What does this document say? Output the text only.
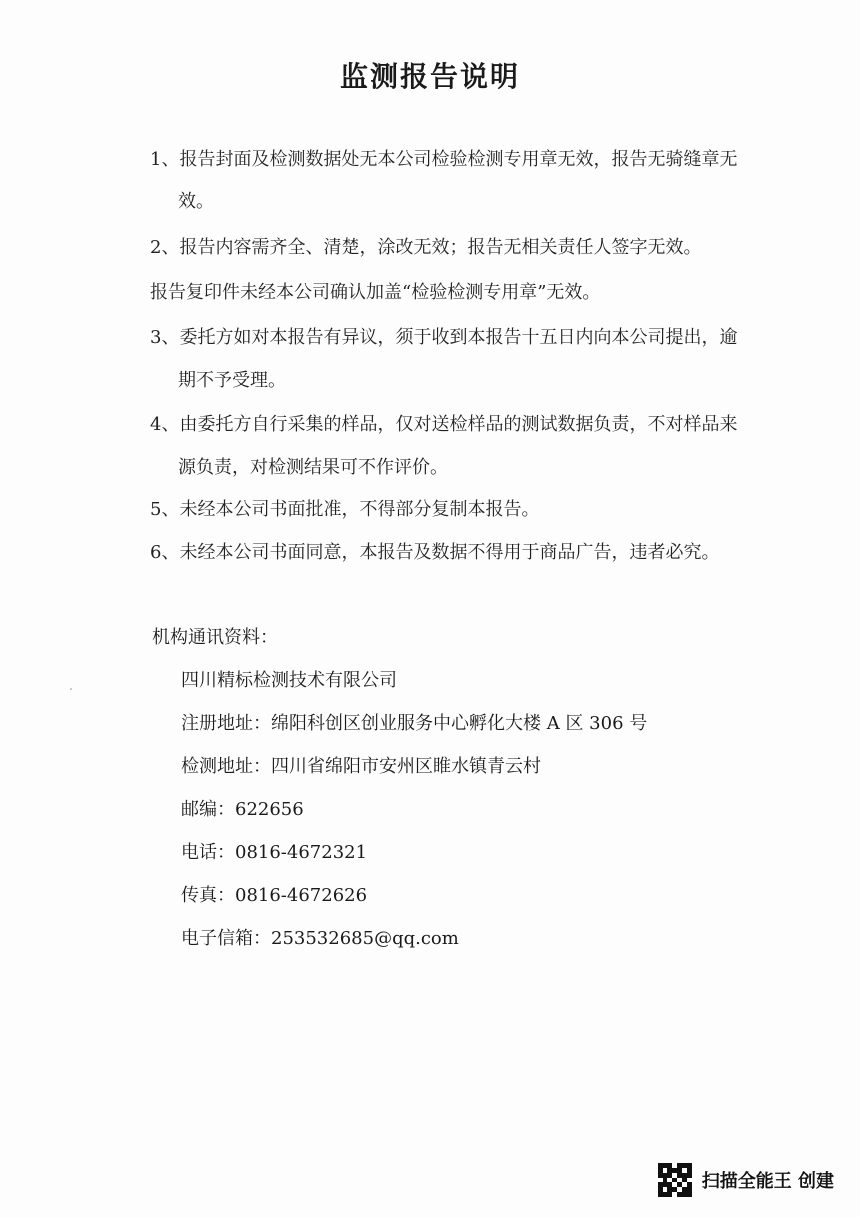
监测报告说明
1、报告封面及检测数据处无本公司检验检测专用章无效，报告无骑缝章无
效。
2、报告内容需齐全、清楚，涂改无效；报告无相关责任人签字无效。
报告复印件未经本公司确认加盖“检验检测专用章”无效。
3、委托方如对本报告有异议，须于收到本报告十五日内向本公司提出，逾
期不予受理。
4、由委托方自行采集的样品，仅对送检样品的测试数据负责，不对样品来
源负责，对检测结果可不作评价。
5、未经本公司书面批准，不得部分复制本报告。
6、未经本公司书面同意，本报告及数据不得用于商品广告，违者必究。
机构通讯资料：
四川精标检测技术有限公司
注册地址：绵阳科创区创业服务中心孵化大楼 A 区 306 号
检测地址：四川省绵阳市安州区睢水镇青云村
邮编：622656
电话：0816-4672321
传真：0816-4672626
电子信箱：253532685@qq.com
扫描全能王 创建
